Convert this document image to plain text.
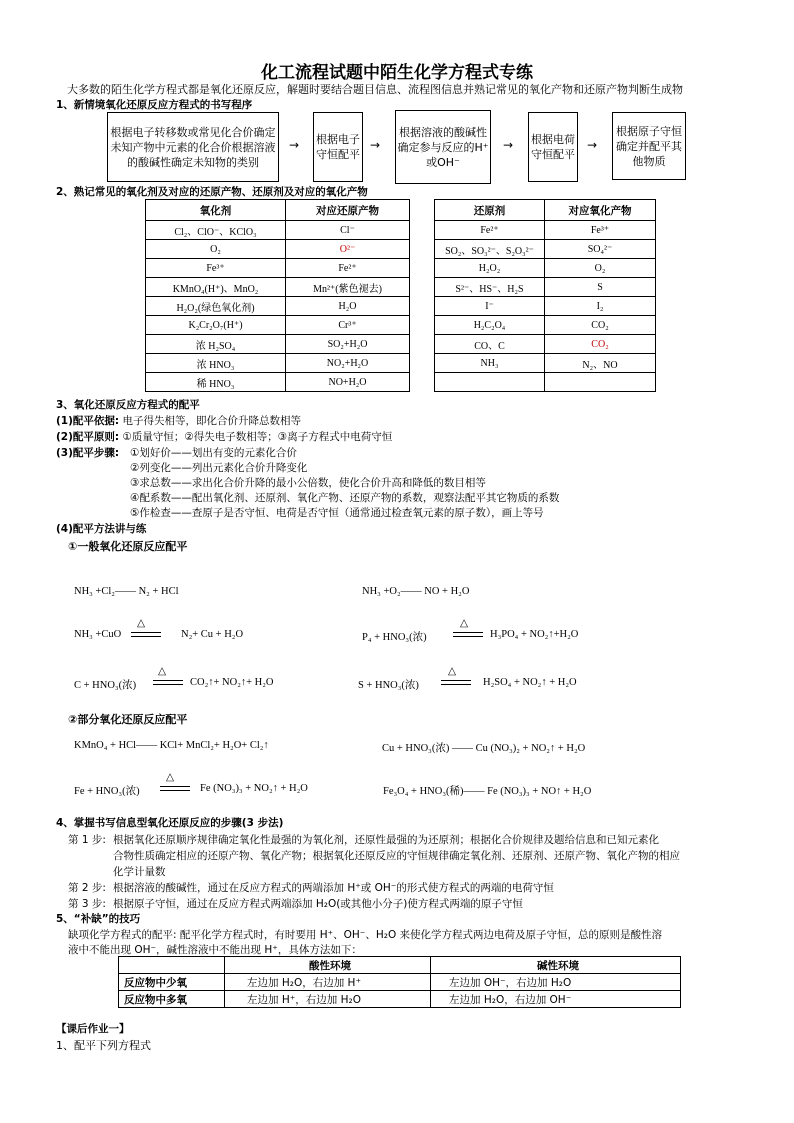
化工流程试题中陌生化学方程式专练
大多数的陌生化学方程式都是氧化还原反应，解题时要结合题目信息、流程图信息并熟记常见的氧化产物和还原产物判断生成物
1、新情境氧化还原反应方程式的书写程序
根据电子转移数或常见化合价确定未知产物中元素的化合价根据溶液的酸碱性确定未知物的类别
→ 根据电子守恒配平
→
根据溶液的酸碱性确定参与反应的H⁺或OH⁻
→ 根据电荷守恒配平
→
根据原子守恒确定并配平其他物质
2、熟记常见的氧化剂及对应的还原产物、还原剂及对应的氧化产物
氧化剂	对应还原产物		还原剂	对应氧化产物
Cl₂、ClO⁻、KClO₃	Cl⁻		Fe²⁺	Fe³⁺
O₂	O²⁻		SO₂、SO₃²⁻、S₂O₃²⁻	SO₄²⁻
Fe³⁺	Fe²⁺		H₂O₂	O₂
KMnO₄(H⁺)、MnO₂	Mn²⁺(紫色褪去)		S²⁻、HS⁻、H₂S	S
H₂O₂(绿色氧化剂)	H₂O		I⁻	I₂
K₂Cr₂O₇(H⁺)	Cr³⁺		H₂C₂O₄	CO₂
浓 H₂SO₄	SO₂+H₂O		CO、C	CO₂
浓 HNO₃	NO₂+H₂O		NH₃	N₂、NO
稀 HNO₃	NO+H₂O			
3、氧化还原反应方程式的配平
(1)配平依据: 电子得失相等，即化合价升降总数相等
(2)配平原则: ①质量守恒；②得失电子数相等；③离子方程式中电荷守恒
(3)配平步骤: ①划好价——划出有变的元素化合价
②列变化——列出元素化合价升降变化
③求总数——求出化合价升降的最小公倍数，使化合价升高和降低的数目相等
④配系数——配出氧化剂、还原剂、氧化产物、还原产物的系数，观察法配平其它物质的系数
⑤作检查——查原子是否守恒、电荷是否守恒（通常通过检查氧元素的原子数），画上等号
(4)配平方法讲与练
①一般氧化还原反应配平
NH₃ +Cl₂—— N₂ + HCl	NH₃ +O₂—— NO + H₂O
NH₃ +CuO
△
N₂+ Cu + H₂O	P₄ + HNO₃(浓)
△
H₃PO₄ + NO₂↑+H₂O
C + HNO₃(浓)
△
CO₂↑+ NO₂↑+ H₂O	S + HNO₃(浓)
△
H₂SO₄ + NO₂↑ + H₂O
②部分氧化还原反应配平
KMnO₄ + HCl—— KCl+ MnCl₂+ H₂O+ Cl₂↑	Cu + HNO₃(浓) —— Cu (NO₃)₂ + NO₂↑ + H₂O
Fe + HNO₃(浓)
△
Fe (NO₃)₃ + NO₂↑ + H₂O	Fe₃O₄ + HNO₃(稀)—— Fe (NO₃)₃ + NO↑ + H₂O
4、掌握书写信息型氧化还原反应的步骤(3 步法)
第 1 步: 根据氧化还原顺序规律确定氧化性最强的为氧化剂，还原性最强的为还原剂；根据化合价规律及题给信息和已知元素化
合物性质确定相应的还原产物、氧化产物；根据氧化还原反应的守恒规律确定氧化剂、还原剂、还原产物、氧化产物的相应
化学计量数
第 2 步: 根据溶液的酸碱性，通过在反应方程式的两端添加 H⁺或 OH⁻的形式使方程式的两端的电荷守恒
第 3 步: 根据原子守恒，通过在反应方程式两端添加 H₂O(或其他小分子)使方程式两端的原子守恒
5、“补缺”的技巧
缺项化学方程式的配平: 配平化学方程式时，有时要用 H⁺、OH⁻、H₂O 来使化学方程式两边电荷及原子守恒，总的原则是酸性溶
液中不能出现 OH⁻，碱性溶液中不能出现 H⁺，具体方法如下：
	酸性环境	碱性环境
反应物中少氧	左边加 H₂O，右边加 H⁺	左边加 OH⁻，右边加 H₂O
反应物中多氧	左边加 H⁺，右边加 H₂O	左边加 H₂O，右边加 OH⁻
【课后作业一】
1、配平下列方程式
